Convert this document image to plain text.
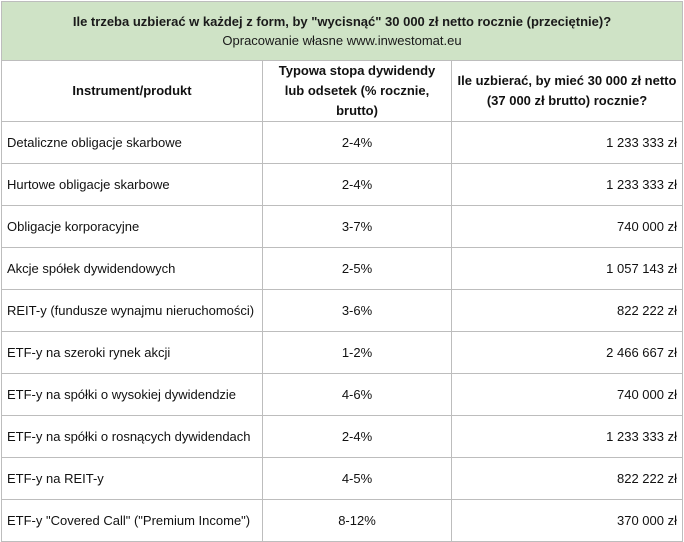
Ile trzeba uzbierać w każdej z form, by "wycisnąć" 30 000 zł netto rocznie (przeciętnie)?
Opracowanie własne www.inwestomat.eu		

Instrument/produkt	Typowa stopa dywidendy lub odsetek (% rocznie, brutto)	Ile uzbierać, by mieć 30 000 zł netto (37 000 zł brutto) rocznie?
Detaliczne obligacje skarbowe	2-4%	1 233 333 zł
Hurtowe obligacje skarbowe	2-4%	1 233 333 zł
Obligacje korporacyjne	3-7%	740 000 zł
Akcje spółek dywidendowych	2-5%	1 057 143 zł
REIT-y (fundusze wynajmu nieruchomości)	3-6%	822 222 zł
ETF-y na szeroki rynek akcji	1-2%	2 466 667 zł
ETF-y na spółki o wysokiej dywidendzie	4-6%	740 000 zł
ETF-y na spółki o rosnących dywidendach	2-4%	1 233 333 zł
ETF-y na REIT-y	4-5%	822 222 zł
ETF-y "Covered Call" ("Premium Income")	8-12%	370 000 zł
